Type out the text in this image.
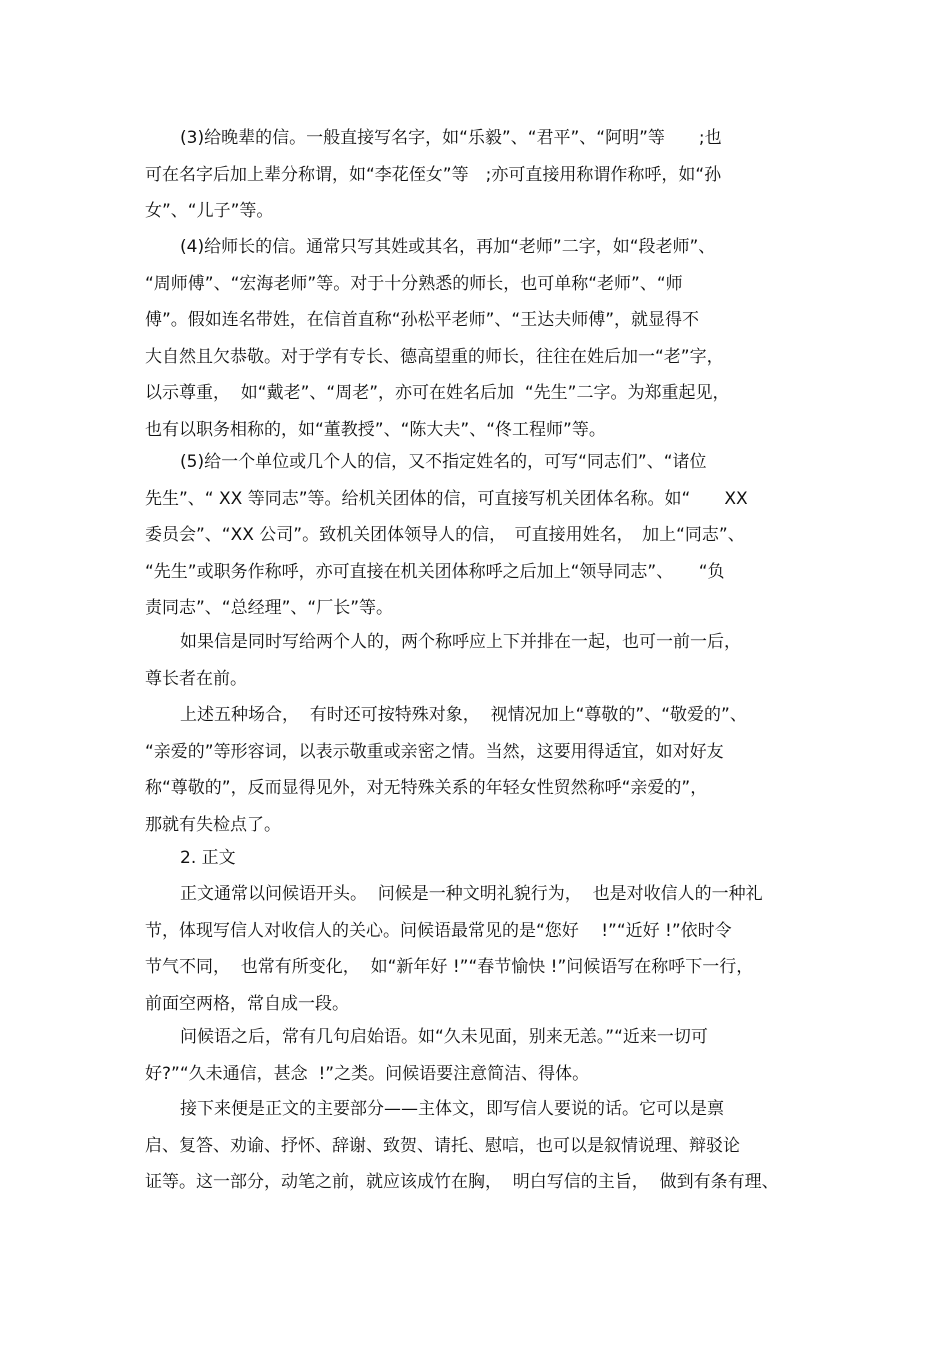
(3)给晚辈的信。一般直接写名字，如“乐毅”、“君平”、“阿明”等　　;也
可在名字后加上辈分称谓，如“李花侄女”等　;亦可直接用称谓作称呼，如“孙
女”、“儿子”等。
(4)给师长的信。通常只写其姓或其名，再加“老师”二字，如“段老师”、
“周师傅”、“宏海老师”等。对于十分熟悉的师长，也可单称“老师”、“师
傅”。假如连名带姓，在信首直称“孙松平老师”、“王达夫师傅”，就显得不
大自然且欠恭敬。对于学有专长、德高望重的师长，往往在姓后加一“老”字，
以示尊重，  如“戴老”、“周老”，亦可在姓名后加  “先生”二字。为郑重起见，
也有以职务相称的，如“董教授”、“陈大夫”、“佟工程师”等。
(5)给一个单位或几个人的信，又不指定姓名的，可写“同志们”、“诸位
先生”、“ XX 等同志”等。给机关团体的信，可直接写机关团体名称。如“　　XX
委员会”、“XX 公司”。致机关团体领导人的信，　可直接用姓名，　加上“同志”、
“先生”或职务作称呼，亦可直接在机关团体称呼之后加上“领导同志”、　　“负
责同志”、“总经理”、“厂长”等。
如果信是同时写给两个人的，两个称呼应上下并排在一起，也可一前一后，
尊长者在前。
上述五种场合，  有时还可按特殊对象，  视情况加上“尊敬的”、“敬爱的”、
“亲爱的”等形容词，以表示敬重或亲密之情。当然，这要用得适宜，如对好友
称“尊敬的”，反而显得见外，对无特殊关系的年轻女性贸然称呼“亲爱的”，
那就有失检点了。
2. 正文
正文通常以问候语开头。  问候是一种文明礼貌行为，  也是对收信人的一种礼
节，体现写信人对收信人的关心。问候语最常见的是“您好　 !”“近好 !”依时令
节气不同，  也常有所变化，  如“新年好 !”“春节愉快 !”问候语写在称呼下一行，
前面空两格，常自成一段。
问候语之后，常有几句启始语。如“久未见面，别来无恙。”“近来一切可
好?”“久未通信，甚念  !”之类。问候语要注意简洁、得体。
接下来便是正文的主要部分——主体文，即写信人要说的话。它可以是禀
启、复答、劝谕、抒怀、辞谢、致贺、请托、慰唁，也可以是叙情说理、辩驳论
证等。这一部分，动笔之前，就应该成竹在胸，  明白写信的主旨，  做到有条有理、
